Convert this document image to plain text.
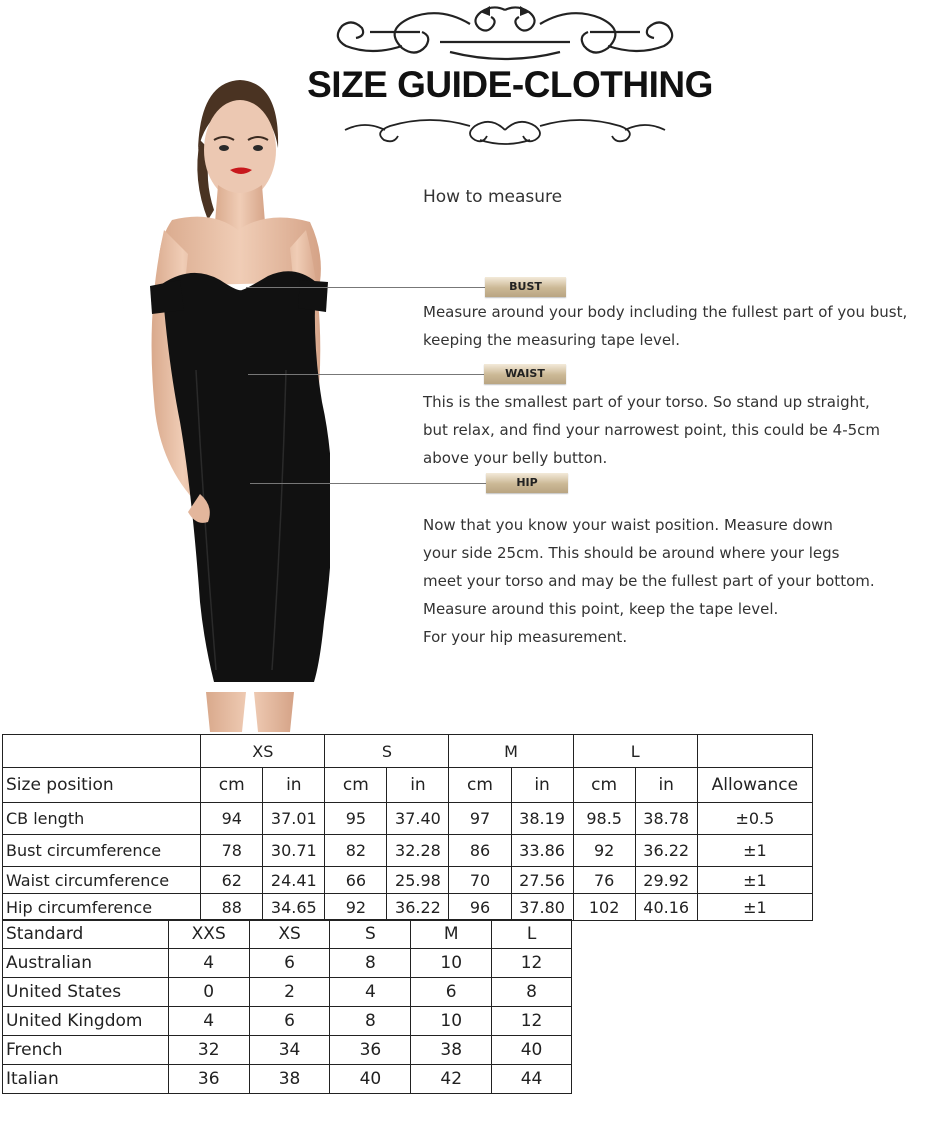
SIZE GUIDE-CLOTHING
How to measure
BUST
Measure around your body including the fullest part of you bust,
keeping the measuring tape level.
WAIST
This is the smallest part of your torso. So stand up straight,
but relax, and find your narrowest point, this could be 4-5cm
above your belly button.
HIP
Now that you know your waist position. Measure down
your side 25cm. This should be around where your legs
meet your torso and may be the fullest part of your bottom.
Measure around this point, keep the tape level.
For your hip measurement.
	XS		S		M		L		
Size position	cm	in	cm	in	cm	in	cm	in	Allowance
CB length	94	37.01	95	37.40	97	38.19	98.5	38.78	±0.5
Bust circumference	78	30.71	82	32.28	86	33.86	92	36.22	±1
Waist circumference	62	24.41	66	25.98	70	27.56	76	29.92	±1
Hip circumference	88	34.65	92	36.22	96	37.80	102	40.16	±1
Standard	XXS	XS	S	M	L
Australian	4	6	8	10	12
United States	0	2	4	6	8
United Kingdom	4	6	8	10	12
French	32	34	36	38	40
Italian	36	38	40	42	44
